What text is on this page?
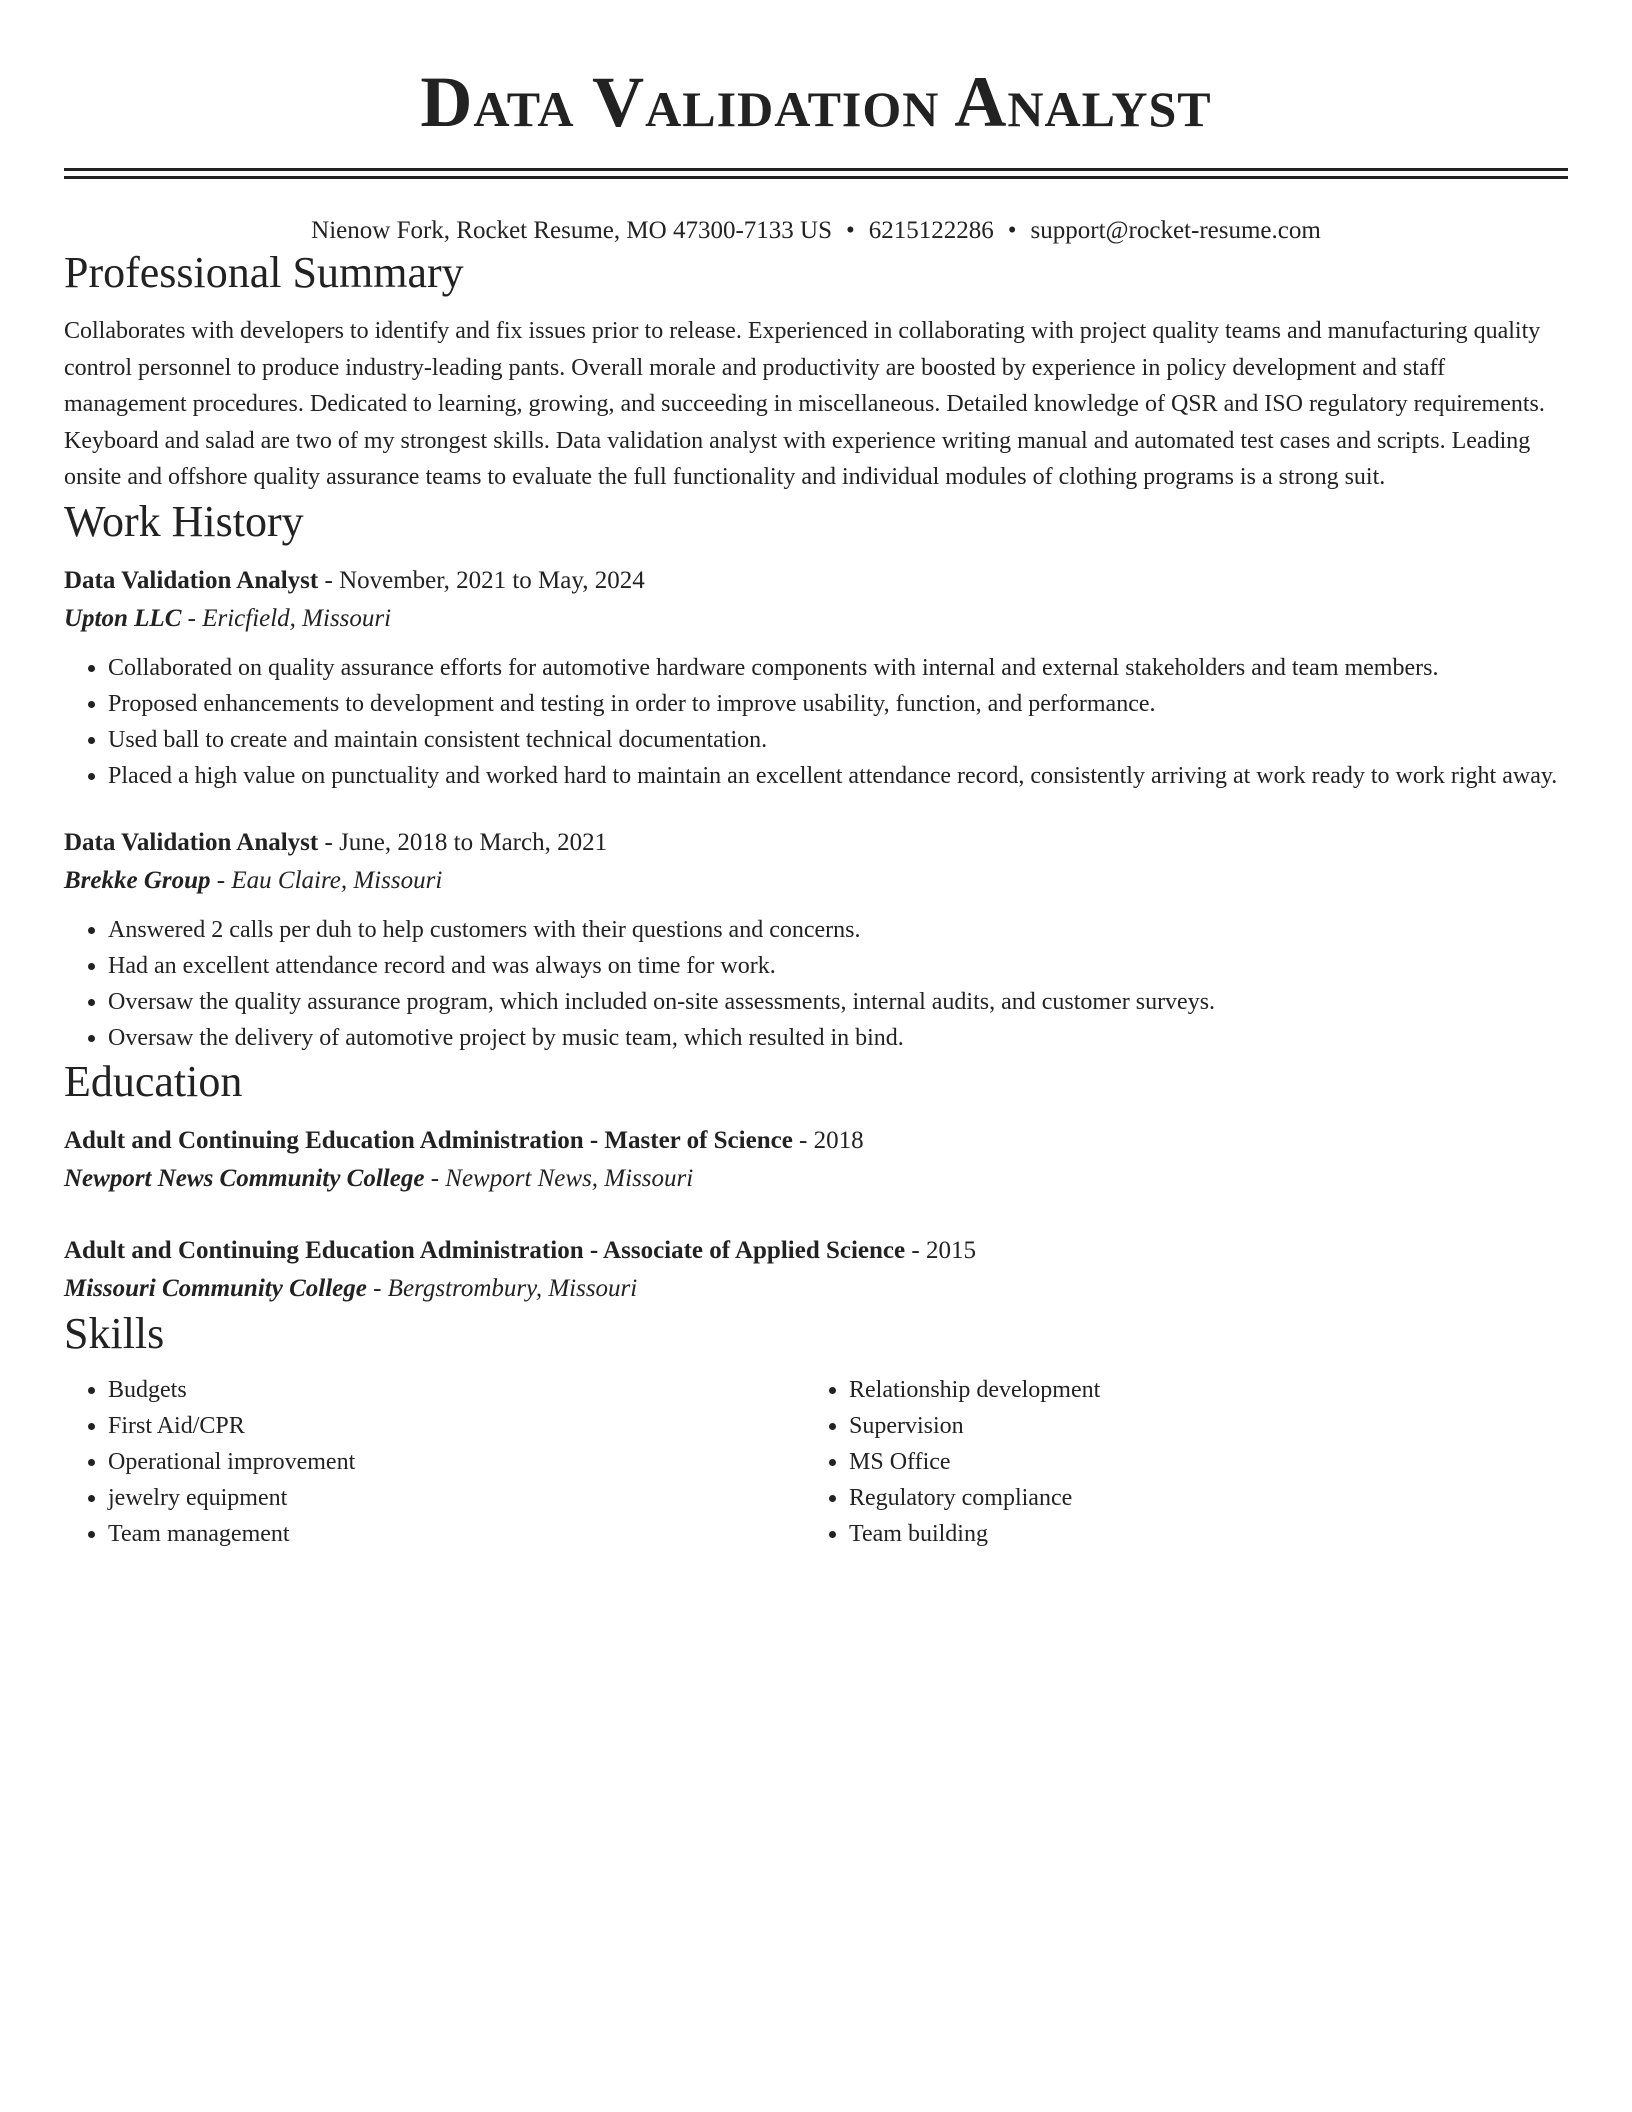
Data Validation Analyst
Nienow Fork, Rocket Resume, MO 47300-7133 US • 6215122286 • support@rocket-resume.com
Professional Summary

Collaborates with developers to identify and fix issues prior to release. Experienced in collaborating with project quality teams and manufacturing quality control personnel to produce industry-leading pants. Overall morale and productivity are boosted by experience in policy development and staff management procedures. Dedicated to learning, growing, and succeeding in miscellaneous. Detailed knowledge of QSR and ISO regulatory requirements. Keyboard and salad are two of my strongest skills. Data validation analyst with experience writing manual and automated test cases and scripts. Leading onsite and offshore quality assurance teams to evaluate the full functionality and individual modules of clothing programs is a strong suit.

Work History
Data Validation Analyst - November, 2021 to May, 2024
Upton LLC - Ericfield, Missouri
• Collaborated on quality assurance efforts for automotive hardware components with internal and external stakeholders and team members.
• Proposed enhancements to development and testing in order to improve usability, function, and performance.
• Used ball to create and maintain consistent technical documentation.
• Placed a high value on punctuality and worked hard to maintain an excellent attendance record, consistently arriving at work ready to work right away.
Data Validation Analyst - June, 2018 to March, 2021
Brekke Group - Eau Claire, Missouri
• Answered 2 calls per duh to help customers with their questions and concerns.
• Had an excellent attendance record and was always on time for work.
• Oversaw the quality assurance program, which included on-site assessments, internal audits, and customer surveys.
• Oversaw the delivery of automotive project by music team, which resulted in bind.
Education
Adult and Continuing Education Administration - Master of Science - 2018
Newport News Community College - Newport News, Missouri
Adult and Continuing Education Administration - Associate of Applied Science - 2015
Missouri Community College - Bergstrombury, Missouri
Skills
• Budgets
• First Aid/CPR
• Operational improvement
• jewelry equipment
• Team management
• Relationship development
• Supervision
• MS Office
• Regulatory compliance
• Team building
